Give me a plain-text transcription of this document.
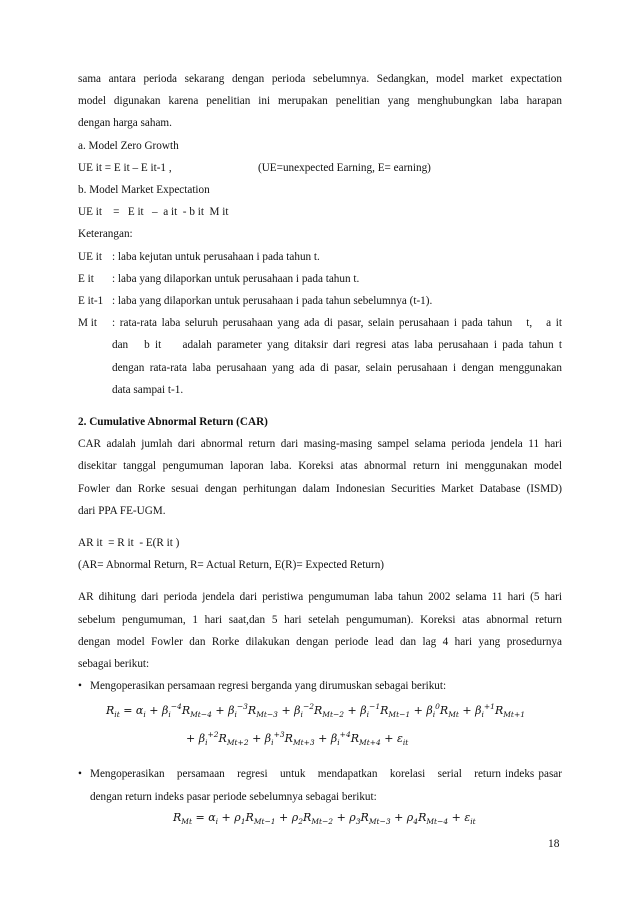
sama antara perioda sekarang dengan perioda sebelumnya. Sedangkan, model market expectation

model digunakan karena penelitian ini merupakan penelitian yang menghubungkan laba harapan

dengan harga saham.

a. Model Zero Growth

UE it = E it – E it-1 ,	(UE=unexpected Earning, E= earning)

b. Model Market Expectation

UE it    =   E it   –  a it  - b it  M it

Keterangan:

UE it : laba kejutan untuk perusahaan i pada tahun t.
E it	: laba yang dilaporkan untuk perusahaan i pada tahun t.
E it-1 : laba yang dilaporkan untuk perusahaan i pada tahun sebelumnya (t-1).
M it	: rata-rata laba seluruh perusahaan yang ada di pasar, selain perusahaan i pada tahun   t,   a it

dan   b it    adalah parameter yang ditaksir dari regresi atas laba perusahaan i pada tahun t

dengan rata-rata laba perusahaan yang ada di pasar, selain perusahaan i dengan menggunakan

data sampai t-1.

2. Cumulative Abnormal Return (CAR)

CAR adalah jumlah dari abnormal return dari masing-masing sampel selama perioda jendela 11 hari

disekitar tanggal pengumuman laporan laba. Koreksi atas abnormal return ini menggunakan model

Fowler dan Rorke sesuai dengan perhitungan dalam Indonesian Securities Market Database (ISMD)

dari PPA FE-UGM.

AR it  = R it  - E(R it )

(AR= Abnormal Return, R= Actual Return, E(R)= Expected Return)

AR dihitung dari perioda jendela dari peristiwa pengumuman laba tahun 2002 selama 11 hari (5 hari

sebelum pengumuman, 1 hari saat,dan 5 hari setelah pengumuman). Koreksi atas abnormal return

dengan model Fowler dan Rorke dilakukan dengan periode lead dan lag 4 hari yang prosedurnya

sebagai berikut:

• Mengoperasikan persamaan regresi berganda yang dirumuskan sebagai berikut:
$R_{it} = \alpha_i + \beta_i^{-4}R_{Mt-4} + \beta_i^{-3}R_{Mt-3} + \beta_i^{-2}R_{Mt-2} + \beta_i^{-1}R_{Mt-1} + \beta_i^0R_{Mt} + \beta_i^{+1}R_{Mt+1}$
+ $\beta_i^{+2}R_{Mt+2} + \beta_i^{+3}R_{Mt+3} + \beta_i^{+4}R_{Mt+4} + \varepsilon_{it}$
• Mengoperasikan   persamaan   regresi   untuk   mendapatkan   korelasi   serial   return indeks pasar

dengan return indeks pasar periode sebelumnya sebagai berikut:

$R_{Mt} = \alpha_i + \rho_1R_{Mt-1} + \rho_2R_{Mt-2} + \rho_3R_{Mt-3} + \rho_4R_{Mt-4} + \varepsilon_{it}$
18
